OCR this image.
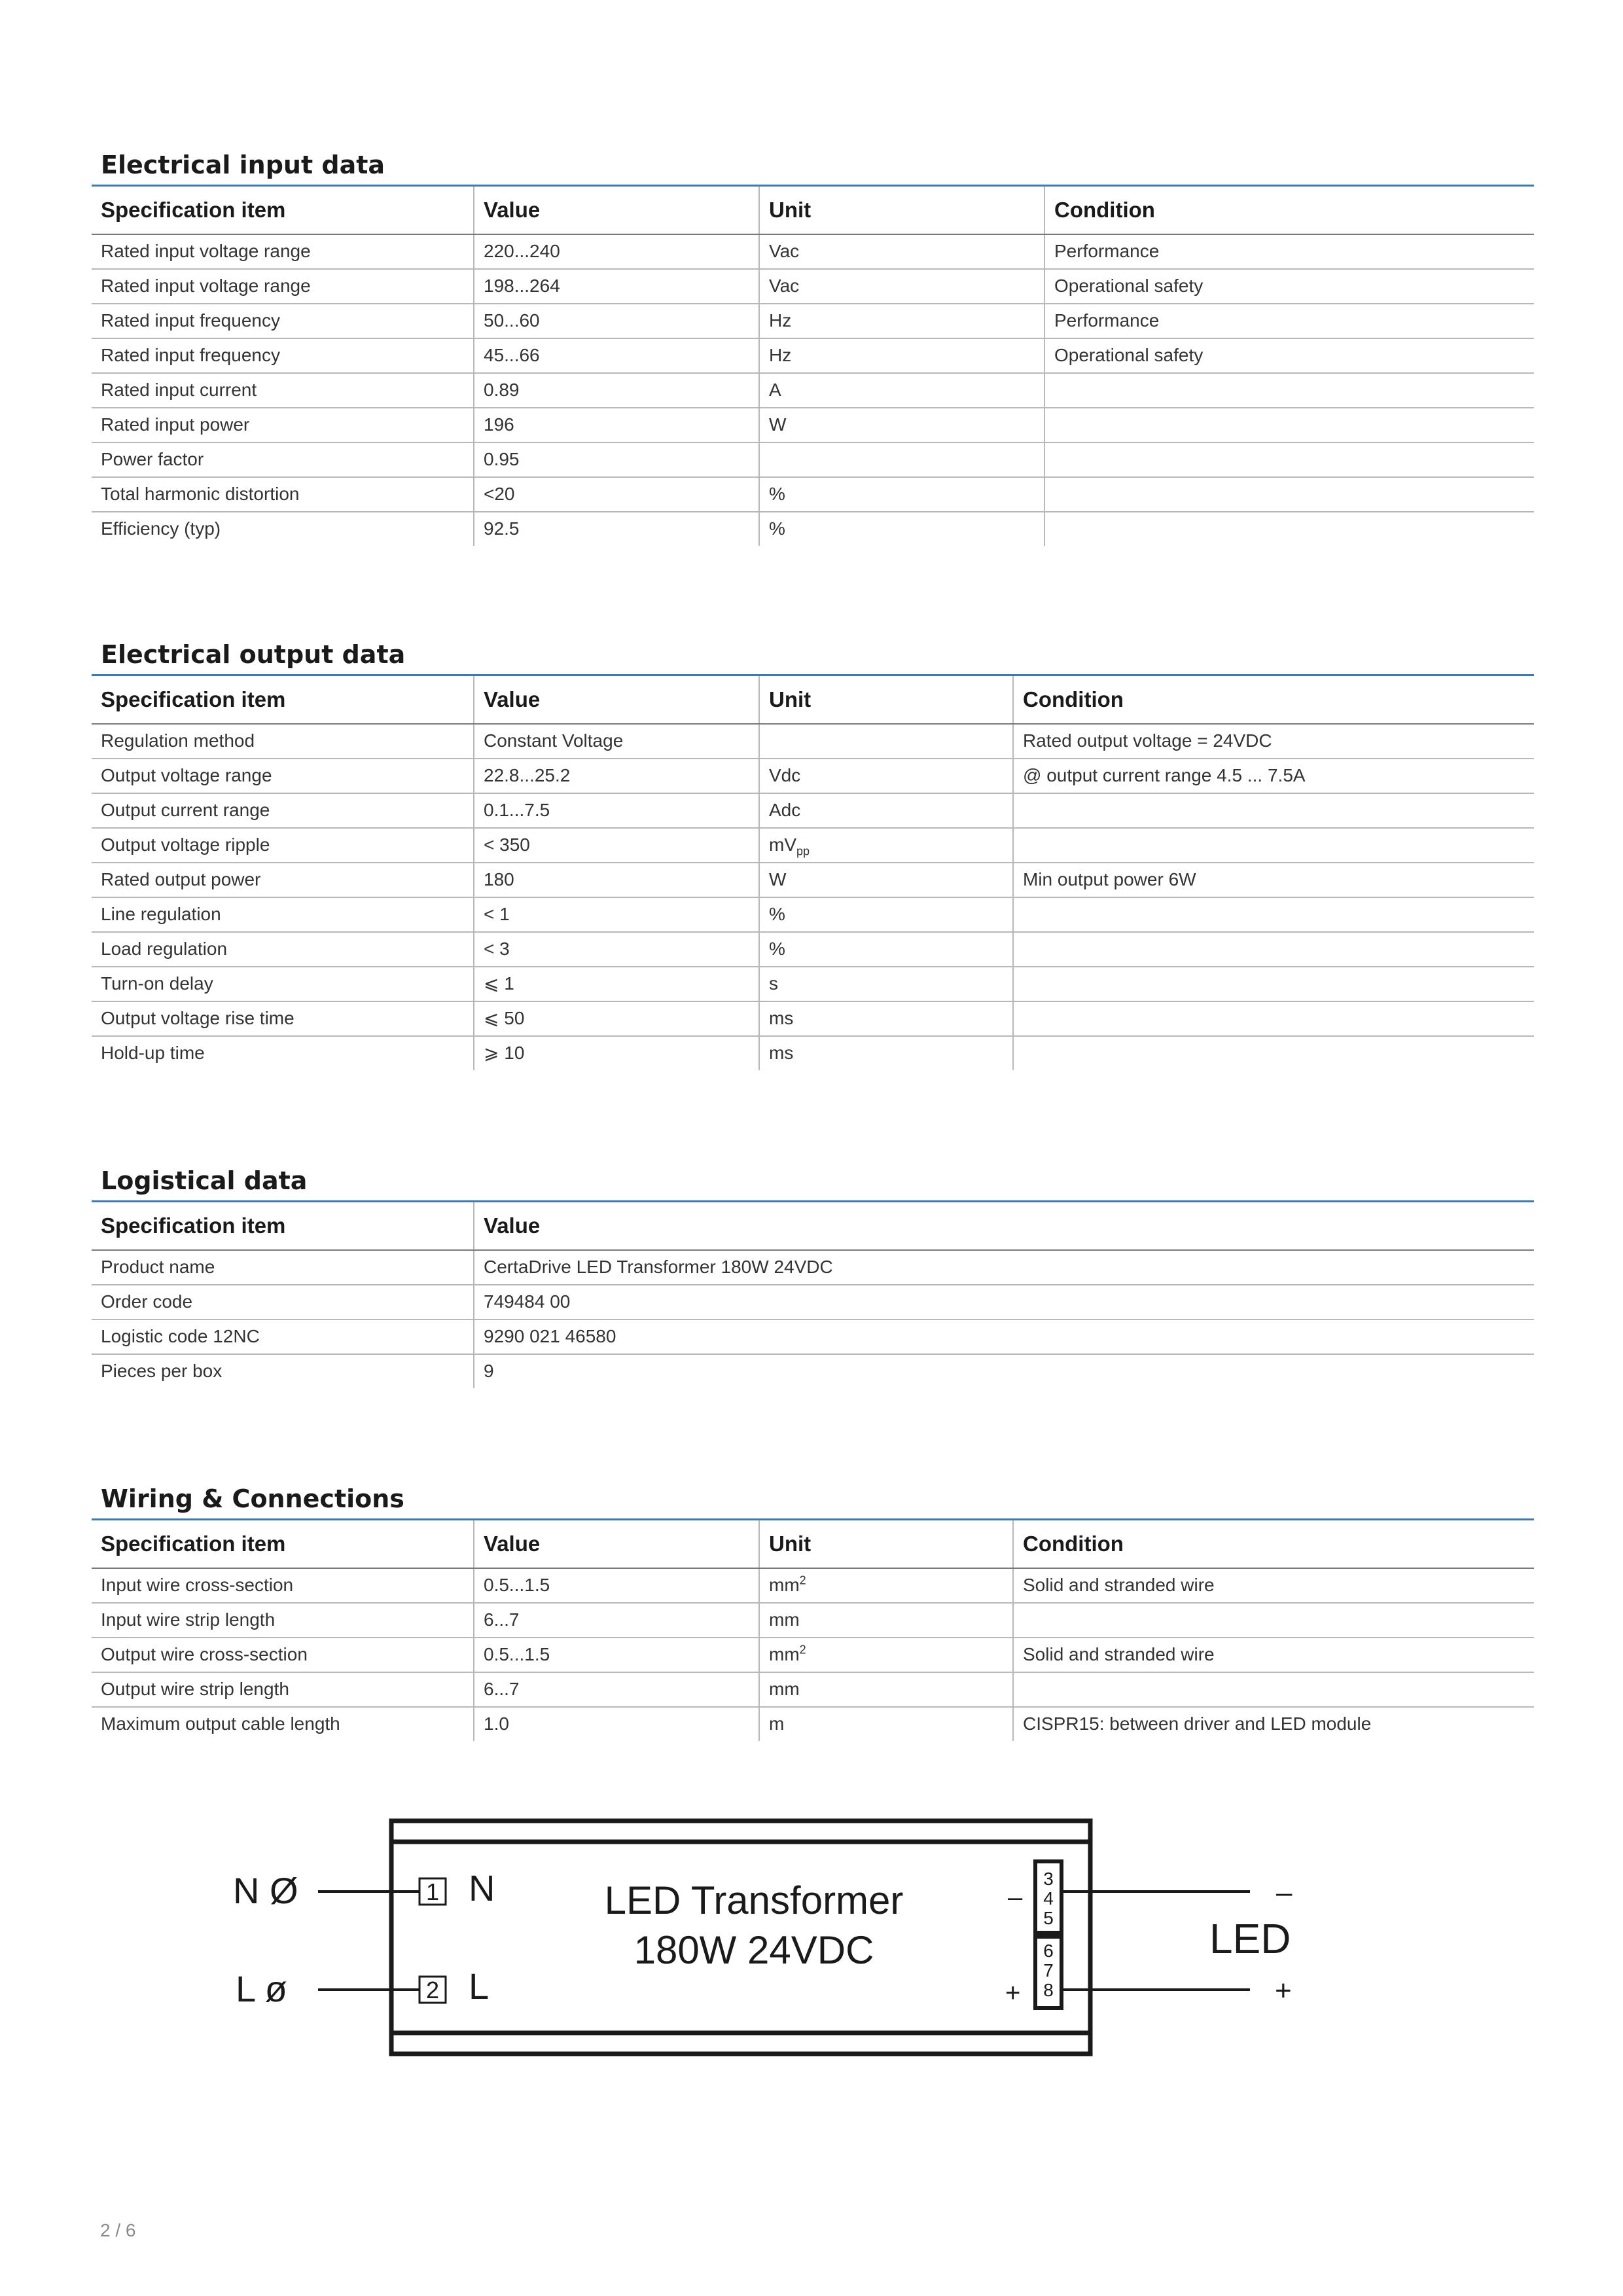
Electrical input data
Specification item	Value	Unit	Condition
Rated input voltage range	220...240	Vac	Performance
Rated input voltage range	198...264	Vac	Operational safety
Rated input frequency	50...60	Hz	Performance
Rated input frequency	45...66	Hz	Operational safety
Rated input current	0.89	A	
Rated input power	196	W	
Power factor	0.95		
Total harmonic distortion	<20	%	
Efficiency (typ)	92.5	%	
Electrical output data
Specification item	Value	Unit	Condition
Regulation method	Constant Voltage		Rated output voltage = 24VDC
Output voltage range	22.8...25.2	Vdc	@ output current range 4.5 ... 7.5A
Output current range	0.1...7.5	Adc	
Output voltage ripple	< 350	$mV_{pp}$	
Rated output power	180	W	Min output power 6W
Line regulation	< 1	%	
Load regulation	< 3	%	
Turn-on delay	⩽ 1	s	
Output voltage rise time	⩽ 50	ms	
Hold-up time	⩾ 10	ms	
Logistical data
Specification item	Value
Product name	CertaDrive LED Transformer 180W 24VDC
Order code	749484 00
Logistic code 12NC	9290 021 46580
Pieces per box	9
Wiring & Connections
Specification item	Value	Unit	Condition
Input wire cross-section	0.5...1.5	$mm^2$	Solid and stranded wire
Input wire strip length	6...7	mm	
Output wire cross-section	0.5...1.5	$mm^2$	Solid and stranded wire
Output wire strip length	6...7	mm	
Maximum output cable length	1.0	m	CISPR15: between driver and LED module
N Ø	1 N
L ø	2 L
LED Transformer
180W 24VDC
3
4
5
6
7
8
–
+
–
+
LED
2 / 6
